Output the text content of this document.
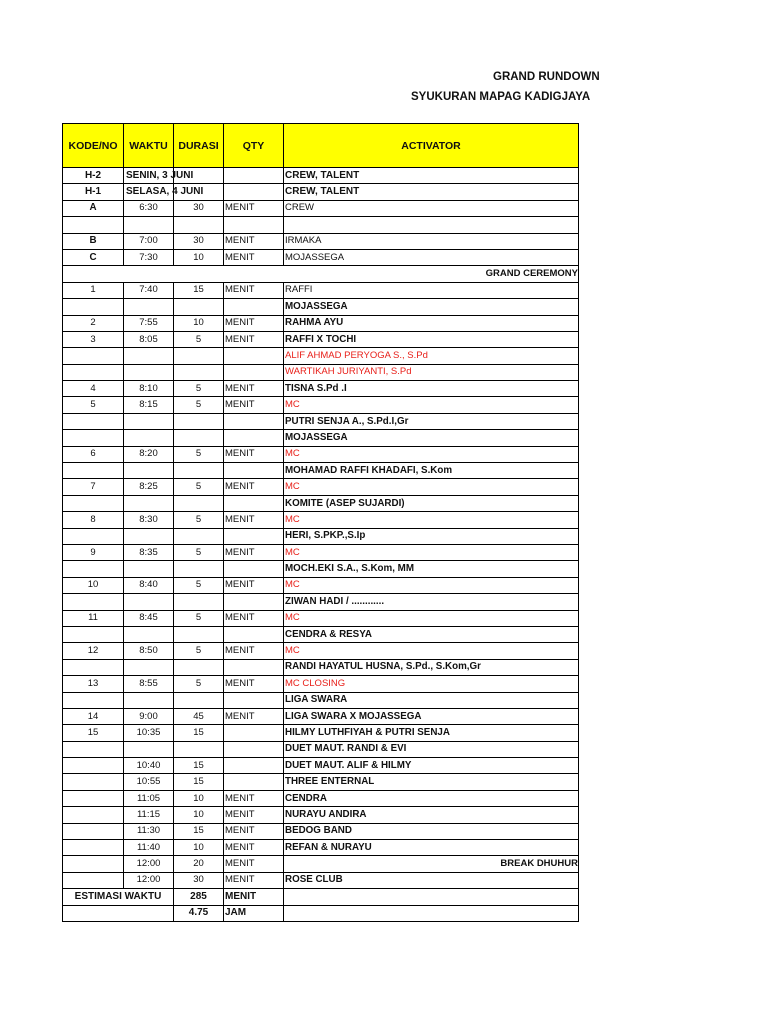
GRAND RUNDOWN
SYUKURAN MAPAG KADIGJAYA
KODE/NO	WAKTU	DURASI	QTY	ACTIVATOR
H-2	SENIN, 3 JUNI			CREW, TALENT
H-1	SELASA, 4 JUNI			CREW, TALENT
A	6:30	30	MENIT	CREW

B	7:00	30	MENIT	IRMAKA
C	7:30	10	MENIT	MOJASSEGA
GRAND CEREMONY				
1	7:40	15	MENIT	RAFFI
				MOJASSEGA
2	7:55	10	MENIT	RAHMA AYU
3	8:05	5	MENIT	RAFFI X TOCHI
				ALIF AHMAD PERYOGA S., S.Pd
				WARTIKAH JURIYANTI, S.Pd
4	8:10	5	MENIT	TISNA S.Pd .I
5	8:15	5	MENIT	MC
				PUTRI SENJA A., S.Pd.I,Gr
				MOJASSEGA
6	8:20	5	MENIT	MC
				MOHAMAD RAFFI KHADAFI, S.Kom
7	8:25	5	MENIT	MC
				KOMITE (ASEP SUJARDI)
8	8:30	5	MENIT	MC
				HERI, S.PKP.,S.Ip
9	8:35	5	MENIT	MC
				MOCH.EKI S.A., S.Kom, MM
10	8:40	5	MENIT	MC
				ZIWAN HADI / ............
11	8:45	5	MENIT	MC
				CENDRA & RESYA
12	8:50	5	MENIT	MC
				RANDI HAYATUL HUSNA, S.Pd., S.Kom,Gr
13	8:55	5	MENIT	MC CLOSING
				LIGA SWARA
14	9:00	45	MENIT	LIGA SWARA X MOJASSEGA
15	10:35	15		HILMY LUTHFIYAH & PUTRI SENJA
				DUET MAUT. RANDI & EVI
	10:40	15		DUET MAUT. ALIF & HILMY
	10:55	15		THREE ENTERNAL
	11:05	10	MENIT	CENDRA
	11:15	10	MENIT	NURAYU ANDIRA
	11:30	15	MENIT	BEDOG BAND
	11:40	10	MENIT	REFAN & NURAYU
	12:00	20	MENIT	BREAK DHUHUR
	12:00	30	MENIT	ROSE CLUB
ESTIMASI WAKTU		285	MENIT	
		4.75	JAM	
